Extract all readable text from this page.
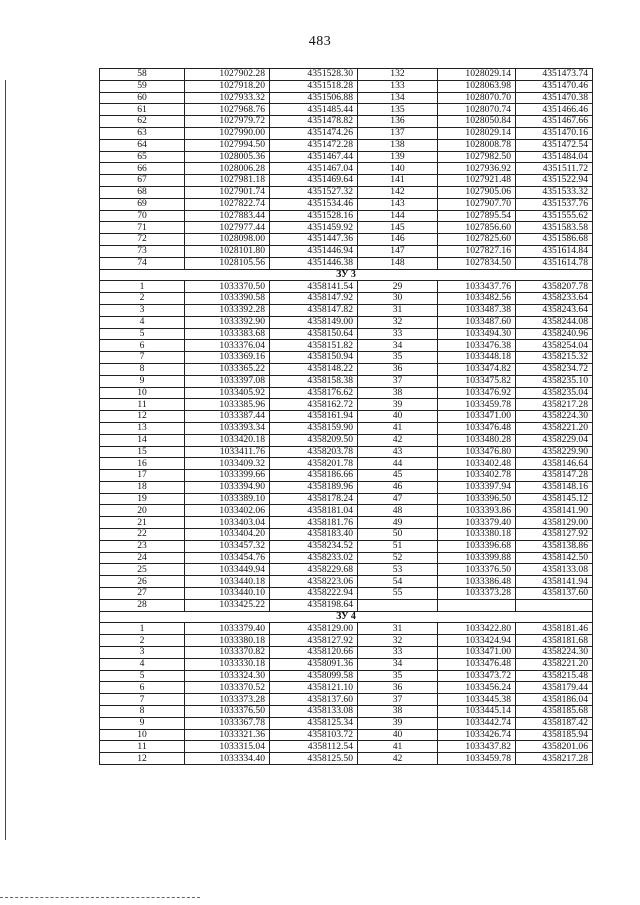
483
58	1027902.28	4351528.30	132	1028029.14	4351473.74
59	1027918.20	4351518.28	133	1028063.98	4351470.46
60	1027933.32	4351506.88	134	1028070.70	4351470.38
61	1027968.76	4351485.44	135	1028070.74	4351466.46
62	1027979.72	4351478.82	136	1028050.84	4351467.66
63	1027990.00	4351474.26	137	1028029.14	4351470.16
64	1027994.50	4351472.28	138	1028008.78	4351472.54
65	1028005.36	4351467.44	139	1027982.50	4351484.04
66	1028006.28	4351467.04	140	1027936.92	4351511.72
67	1027981.18	4351469.64	141	1027921.48	4351522.94
68	1027901.74	4351527.32	142	1027905.06	4351533.32
69	1027822.74	4351534.46	143	1027907.70	4351537.76
70	1027883.44	4351528.16	144	1027895.54	4351555.62
71	1027977.44	4351459.92	145	1027856.60	4351583.58
72	1028098.00	4351447.36	146	1027825.60	4351586.68
73	1028101.80	4351446.94	147	1027827.16	4351614.84
74	1028105.56	4351446.38	148	1027834.50	4351614.78
ЗУ 3					
1	1033370.50	4358141.54	29	1033437.76	4358207.78
2	1033390.58	4358147.92	30	1033482.56	4358233.64
3	1033392.28	4358147.82	31	1033487.38	4358243.64
4	1033392.90	4358149.00	32	1033487.60	4358244.08
5	1033383.68	4358150.64	33	1033494.30	4358240.96
6	1033376.04	4358151.82	34	1033476.38	4358254.04
7	1033369.16	4358150.94	35	1033448.18	4358215.32
8	1033365.22	4358148.22	36	1033474.82	4358234.72
9	1033397.08	4358158.38	37	1033475.82	4358235.10
10	1033405.92	4358176.62	38	1033476.92	4358235.04
11	1033385.96	4358162.72	39	1033459.78	4358217.28
12	1033387.44	4358161.94	40	1033471.00	4358224.30
13	1033393.34	4358159.90	41	1033476.48	4358221.20
14	1033420.18	4358209.50	42	1033480.28	4358229.04
15	1033411.76	4358203.78	43	1033476.80	4358229.90
16	1033409.32	4358201.78	44	1033402.48	4358146.64
17	1033399.66	4358186.66	45	1033402.78	4358147.28
18	1033394.90	4358189.96	46	1033397.94	4358148.16
19	1033389.10	4358178.24	47	1033396.50	4358145.12
20	1033402.06	4358181.04	48	1033393.86	4358141.90
21	1033403.04	4358181.76	49	1033379.40	4358129.00
22	1033404.20	4358183.40	50	1033380.18	4358127.92
23	1033457.32	4358234.52	51	1033396.68	4358138.86
24	1033454.76	4358233.02	52	1033399.88	4358142.50
25	1033449.94	4358229.68	53	1033376.50	4358133.08
26	1033440.18	4358223.06	54	1033386.48	4358141.94
27	1033440.10	4358222.94	55	1033373.28	4358137.60
28	1033425.22	4358198.64			
ЗУ 4					
1	1033379.40	4358129.00	31	1033422.80	4358181.46
2	1033380.18	4358127.92	32	1033424.94	4358181.68
3	1033370.82	4358120.66	33	1033471.00	4358224.30
4	1033330.18	4358091.36	34	1033476.48	4358221.20
5	1033324.30	4358099.58	35	1033473.72	4358215.48
6	1033370.52	4358121.10	36	1033456.24	4358179.44
7	1033373.28	4358137.60	37	1033445.38	4358186.04
8	1033376.50	4358133.08	38	1033445.14	4358185.68
9	1033367.78	4358125.34	39	1033442.74	4358187.42
10	1033321.36	4358103.72	40	1033426.74	4358185.94
11	1033315.04	4358112.54	41	1033437.82	4358201.06
12	1033334.40	4358125.50	42	1033459.78	4358217.28
